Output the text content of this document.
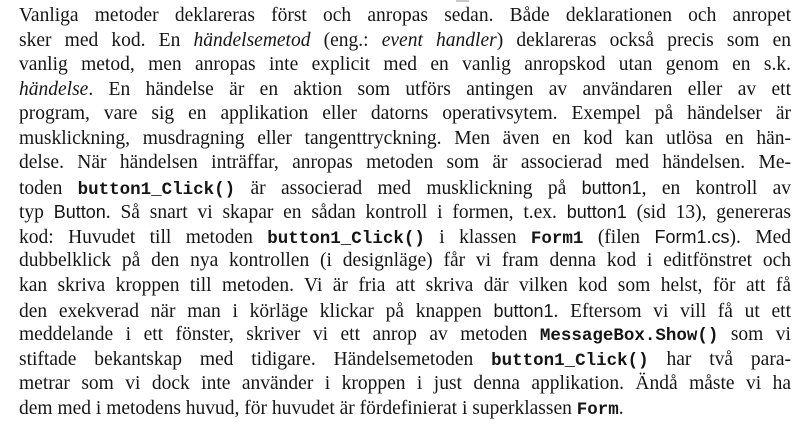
Vanliga metoder deklareras först och anropas sedan. Både deklarationen och anropet
sker med kod. En händelsemetod (eng.: event handler) deklareras också precis som en
vanlig metod, men anropas inte explicit med en vanlig anropskod utan genom en s.k.
händelse. En händelse är en aktion som utförs antingen av användaren eller av ett
program, vare sig en applikation eller datorns operativsytem. Exempel på händelser är
musklickning, musdragning eller tangenttryckning. Men även en kod kan utlösa en hän-
delse. När händelsen inträffar, anropas metoden som är associerad med händelsen. Me-
toden button1_Click() är associerad med musklickning på button1, en kontroll av
typ Button. Så snart vi skapar en sådan kontroll i formen, t.ex. button1 (sid 13), genereras
kod: Huvudet till metoden button1_Click() i klassen Form1 (filen Form1.cs). Med
dubbelklick på den nya kontrollen (i designläge) får vi fram denna kod i editfönstret och
kan skriva kroppen till metoden. Vi är fria att skriva där vilken kod som helst, för att få
den exekverad när man i körläge klickar på knappen button1. Eftersom vi vill få ut ett
meddelande i ett fönster, skriver vi ett anrop av metoden MessageBox.Show() som vi
stiftade bekantskap med tidigare. Händelsemetoden button1_Click() har två para-
metrar som vi dock inte använder i kroppen i just denna applikation. Ändå måste vi ha
dem med i metodens huvud, för huvudet är fördefinierat i superklassen Form.
